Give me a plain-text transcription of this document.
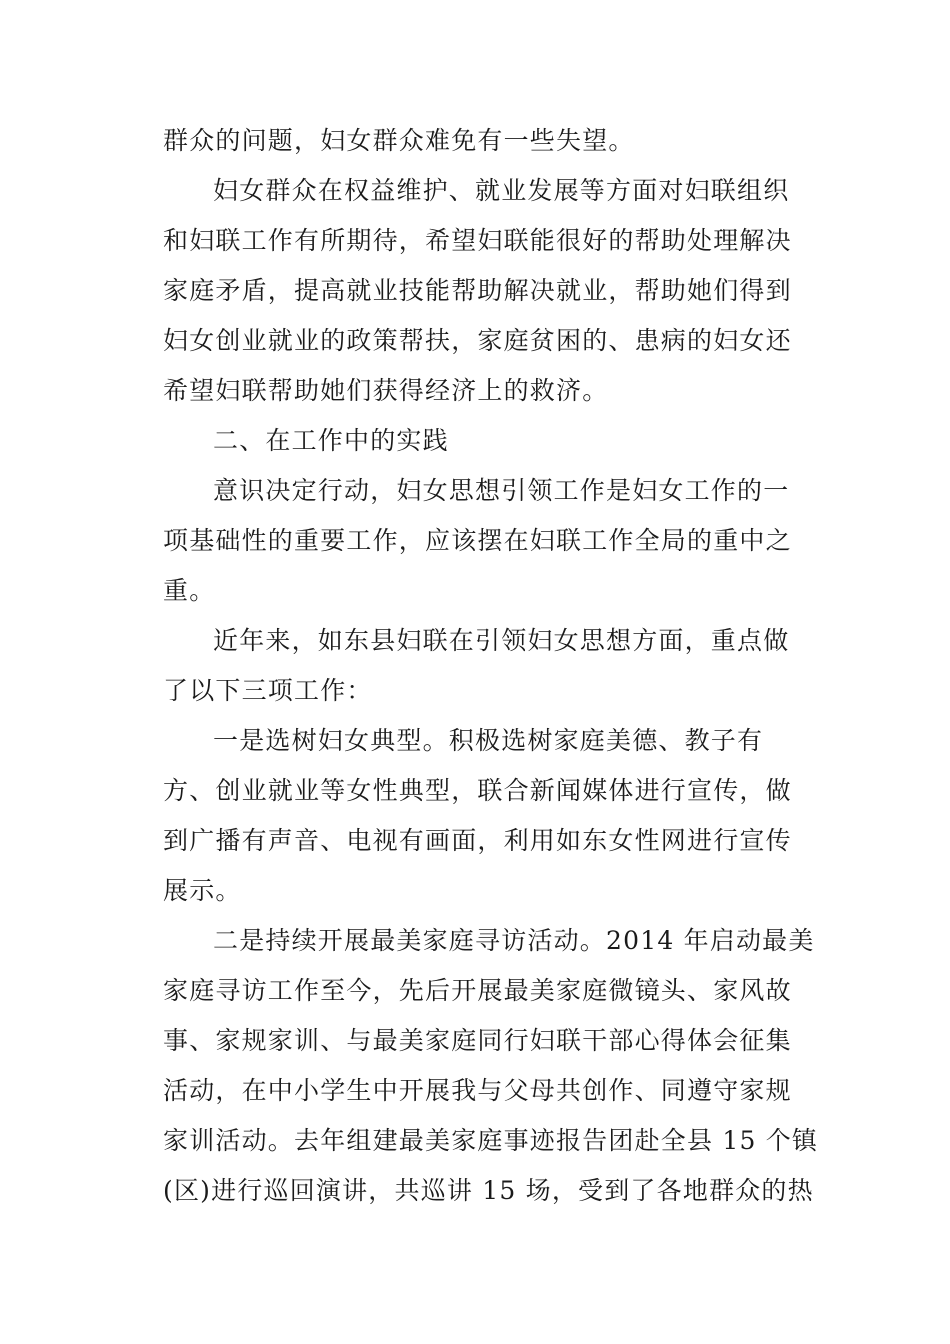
群众的问题，妇女群众难免有一些失望。
妇女群众在权益维护、就业发展等方面对妇联组织
和妇联工作有所期待，希望妇联能很好的帮助处理解决
家庭矛盾，提高就业技能帮助解决就业，帮助她们得到
妇女创业就业的政策帮扶，家庭贫困的、患病的妇女还
希望妇联帮助她们获得经济上的救济。
二、在工作中的实践
意识决定行动，妇女思想引领工作是妇女工作的一
项基础性的重要工作，应该摆在妇联工作全局的重中之
重。
近年来，如东县妇联在引领妇女思想方面，重点做
了以下三项工作：
一是选树妇女典型。积极选树家庭美德、教子有
方、创业就业等女性典型，联合新闻媒体进行宣传，做
到广播有声音、电视有画面，利用如东女性网进行宣传
展示。
二是持续开展最美家庭寻访活动。2014 年启动最美
家庭寻访工作至今，先后开展最美家庭微镜头、家风故
事、家规家训、与最美家庭同行妇联干部心得体会征集
活动，在中小学生中开展我与父母共创作、同遵守家规
家训活动。去年组建最美家庭事迹报告团赴全县 15 个镇
(区)进行巡回演讲，共巡讲 15 场，受到了各地群众的热
